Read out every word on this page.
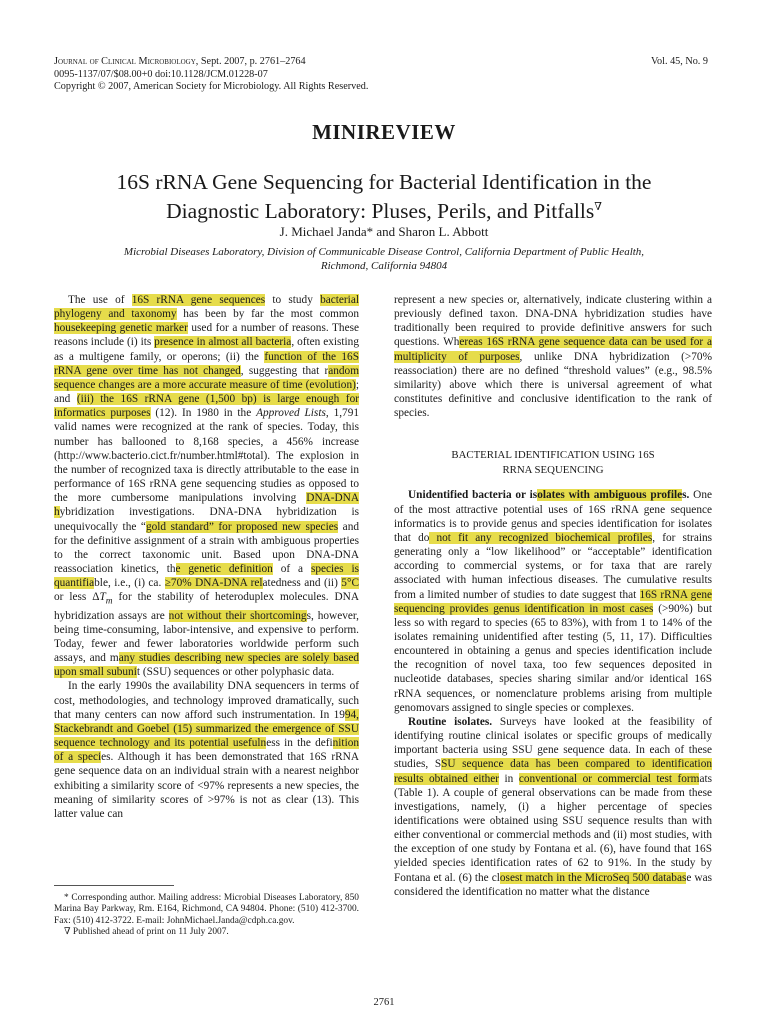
Journal of Clinical Microbiology, Sept. 2007, p. 2761–2764	Vol. 45, No. 9
0095-1137/07/$08.00+0 doi:10.1128/JCM.01228-07
Copyright © 2007, American Society for Microbiology. All Rights Reserved.
MINIREVIEW
16S rRNA Gene Sequencing for Bacterial Identification in the
Diagnostic Laboratory: Pluses, Perils, and Pitfalls∇
J. Michael Janda* and Sharon L. Abbott
Microbial Diseases Laboratory, Division of Communicable Disease Control, California Department of Public Health, Richmond, California 94804

The use of 16S rRNA gene sequences to study bacterial phylogeny and taxonomy has been by far the most common housekeeping genetic marker used for a number of reasons. These reasons include (i) its presence in almost all bacteria, often existing as a multigene family, or operons; (ii) the function of the 16S rRNA gene over time has not changed, suggesting that random sequence changes are a more accurate measure of time (evolution); and (iii) the 16S rRNA gene (1,500 bp) is large enough for informatics purposes (12). In 1980 in the Approved Lists, 1,791 valid names were recognized at the rank of species. Today, this number has ballooned to 8,168 species, a 456% increase (http://www.bacterio.cict.fr/number.html#total). The explosion in the number of recognized taxa is directly attributable to the ease in performance of 16S rRNA gene sequencing studies as opposed to the more cumbersome manipulations involving DNA-DNA hybridization investigations. DNA-DNA hybridization is unequivocally the “gold standard” for proposed new species and for the definitive assignment of a strain with ambiguous properties to the correct taxonomic unit. Based upon DNA-DNA reassociation kinetics, the genetic definition of a species is quantifiable, i.e., (i) ca. ≥70% DNA-DNA relatedness and (ii) 5°C or less $\Delta T_m$ for the stability of heteroduplex molecules. DNA hybridization assays are not without their shortcomings, however, being time-consuming, labor-intensive, and expensive to perform. Today, fewer and fewer laboratories worldwide perform such assays, and many studies describing new species are solely based upon small subunit (SSU) sequences or other polyphasic data.

In the early 1990s the availability DNA sequencers in terms of cost, methodologies, and technology improved dramatically, such that many centers can now afford such instrumentation. In 1994, Stackebrandt and Goebel (15) summarized the emergence of SSU sequence technology and its potential usefulness in the definition of a species. Although it has been demonstrated that 16S rRNA gene sequence data on an individual strain with a nearest neighbor exhibiting a similarity score of <97% represents a new species, the meaning of similarity scores of >97% is not as clear (13). This latter value can

* Corresponding author. Mailing address: Microbial Diseases Laboratory, 850 Marina Bay Parkway, Rm. E164, Richmond, CA 94804. Phone: (510) 412-3700. Fax: (510) 412-3722. E-mail: JohnMichael.Janda@cdph.ca.gov.

∇ Published ahead of print on 11 July 2007.

represent a new species or, alternatively, indicate clustering within a previously defined taxon. DNA-DNA hybridization studies have traditionally been required to provide definitive answers for such questions. Whereas 16S rRNA gene sequence data can be used for a multiplicity of purposes, unlike DNA hybridization (>70% reassociation) there are no defined “threshold values” (e.g., 98.5% similarity) above which there is universal agreement of what constitutes definitive and conclusive identification to the rank of species.

BACTERIAL IDENTIFICATION USING 16S
RRNA SEQUENCING

Unidentified bacteria or isolates with ambiguous profiles. One of the most attractive potential uses of 16S rRNA gene sequence informatics is to provide genus and species identification for isolates that do not fit any recognized biochemical profiles, for strains generating only a “low likelihood” or “acceptable” identification according to commercial systems, or for taxa that are rarely associated with human infectious diseases. The cumulative results from a limited number of studies to date suggest that 16S rRNA gene sequencing provides genus identification in most cases (>90%) but less so with regard to species (65 to 83%), with from 1 to 14% of the isolates remaining unidentified after testing (5, 11, 17). Difficulties encountered in obtaining a genus and species identification include the recognition of novel taxa, too few sequences deposited in nucleotide databases, species sharing similar and/or identical 16S rRNA sequences, or nomenclature problems arising from multiple genomovars assigned to single species or complexes.

Routine isolates. Surveys have looked at the feasibility of identifying routine clinical isolates or specific groups of medically important bacteria using SSU gene sequence data. In each of these studies, SSU sequence data has been compared to identification results obtained either in conventional or commercial test formats (Table 1). A couple of general observations can be made from these investigations, namely, (i) a higher percentage of species identifications were obtained using SSU sequence results than with either conventional or commercial methods and (ii) most studies, with the exception of one study by Fontana et al. (6), have found that 16S yielded species identification rates of 62 to 91%. In the study by Fontana et al. (6) the closest match in the MicroSeq 500 database was considered the identification no matter what the distance

2761
